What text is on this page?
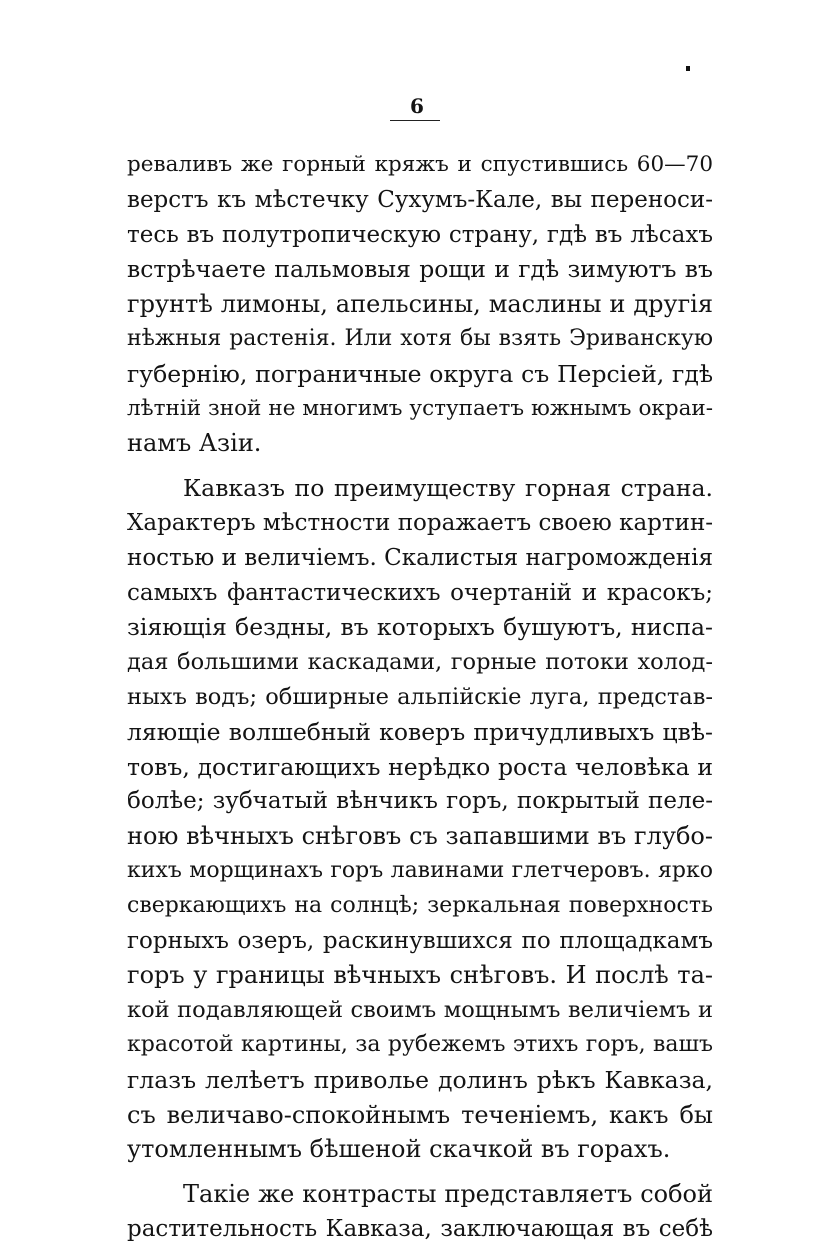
6
реваливъ же горный кряжъ и спустившись 60—70
верстъ къ мѣстечку Сухумъ-Кале, вы переноси-
тесь въ полутропическую страну, гдѣ въ лѣсахъ
встрѣчаете пальмовыя рощи и гдѣ зимуютъ въ
грунтѣ лимоны, апельсины, маслины и другія
нѣжныя растенія. Или хотя бы взять Эриванскую
губернію, пограничные округа съ Персіей, гдѣ
лѣтній зной не многимъ уступаетъ южнымъ окраи-
намъ Азіи.
Кавказъ по преимуществу горная страна.
Характеръ мѣстности поражаетъ своею картин-
ностью и величіемъ. Скалистыя нагроможденія
самыхъ фантастическихъ очертаній и красокъ;
зіяющія бездны, въ которыхъ бушуютъ, ниспа-
дая большими каскадами, горные потоки холод-
ныхъ водъ; обширные альпійскіе луга, представ-
ляющіе волшебный коверъ причудливыхъ цвѣ-
товъ, достигающихъ нерѣдко роста человѣка и
болѣе; зубчатый вѣнчикъ горъ, покрытый пеле-
ною вѣчныхъ снѣговъ съ запавшими въ глубо-
кихъ морщинахъ горъ лавинами глетчеровъ. ярко
сверкающихъ на солнцѣ; зеркальная поверхность
горныхъ озеръ, раскинувшихся по площадкамъ
горъ у границы вѣчныхъ снѣговъ. И послѣ та-
кой подавляющей своимъ мощнымъ величіемъ и
красотой картины, за рубежемъ этихъ горъ, вашъ
глазъ лелѣетъ приволье долинъ рѣкъ Кавказа,
съ величаво-спокойнымъ теченіемъ, какъ бы
утомленнымъ бѣшеной скачкой въ горахъ.
Такіе же контрасты представляетъ собой
растительность Кавказа, заключающая въ себѣ
